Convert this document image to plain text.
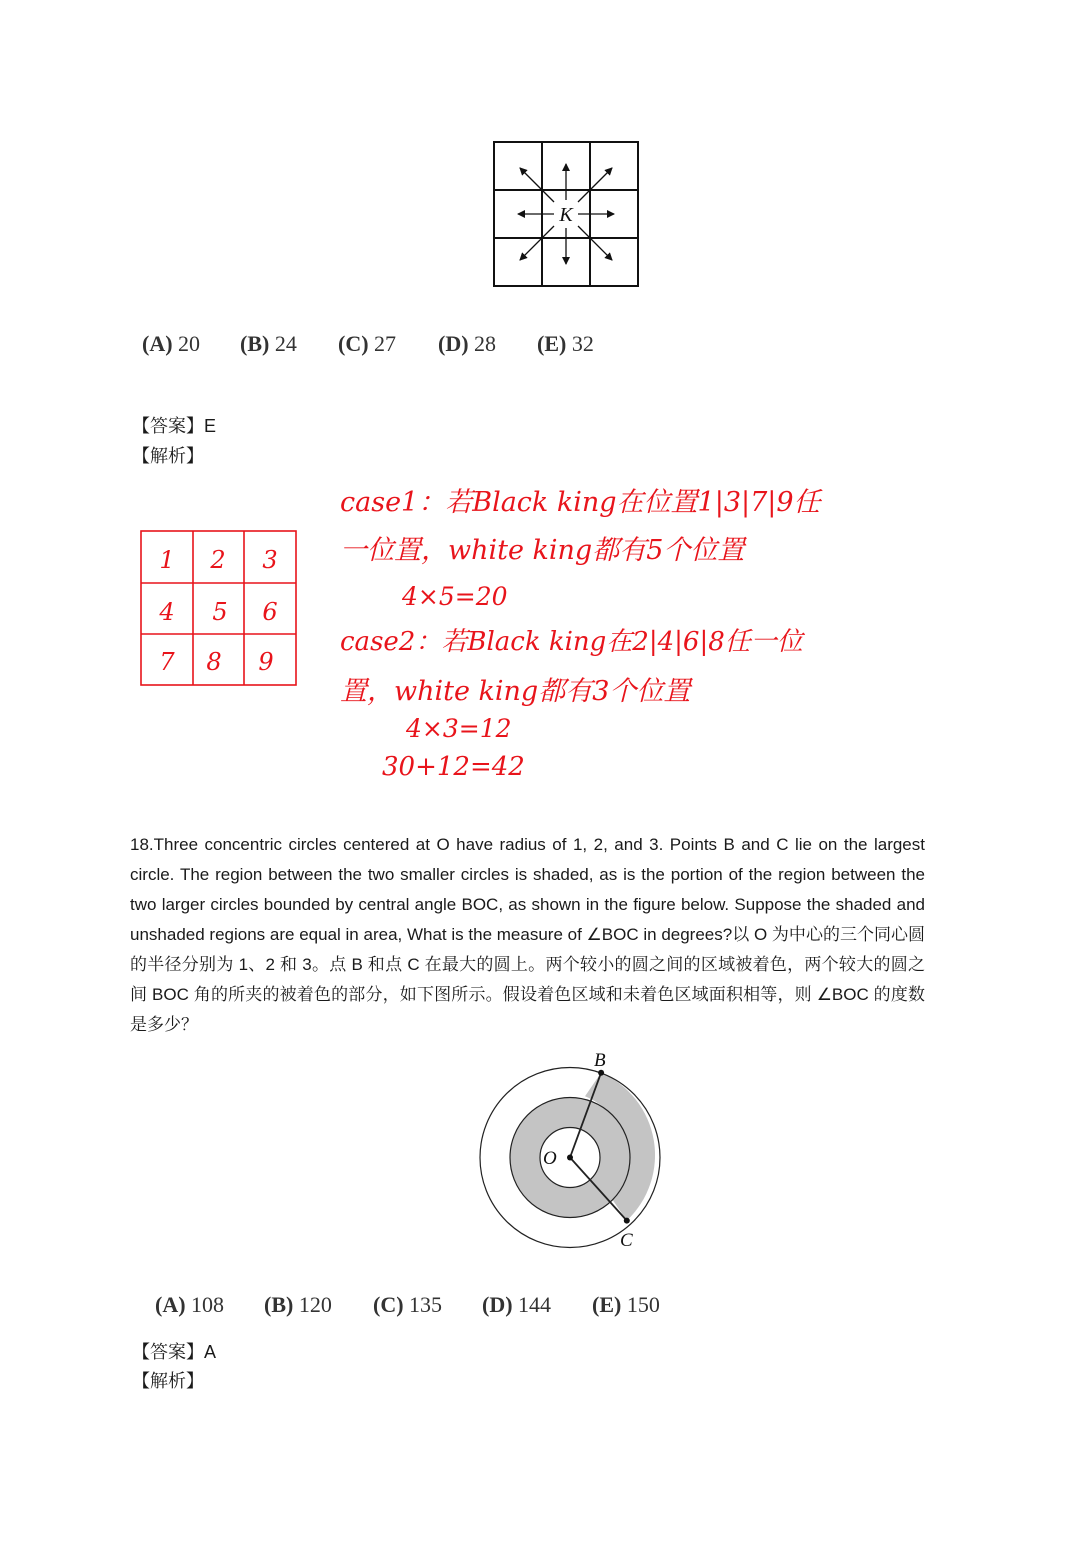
K
(A) 20	(B) 24	(C) 27	(D) 28	(E) 32
【答案】E
【解析】
1 2 3
4 5 6
7 8 9
case1：若Black king在位置1|3|7|9任
一位置，white king都有5个位置
4×5=20
case2：若Black king在2|4|6|8任一位
置，white king都有3个位置
4×3=12
30+12=42
18.Three concentric circles centered at O have radius of 1, 2, and 3. Points B and C lie on the largest circle. The region between the two smaller circles is shaded, as is the portion of the region between the two larger circles bounded by central angle BOC, as shown in the figure below. Suppose the shaded and unshaded regions are equal in area, What is the measure of ∠BOC in degrees?以 O 为中心的三个同心圆的半径分别为 1、2 和 3。点 B 和点 C 在最大的圆上。两个较小的圆之间的区域被着色，两个较大的圆之间 BOC 角的所夹的被着色的部分，如下图所示。假设着色区域和未着色区域面积相等，则 ∠BOC 的度数是多少？
B
C
O
(A) 108	(B) 120	(C) 135	(D) 144	(E) 150
【答案】A
【解析】
